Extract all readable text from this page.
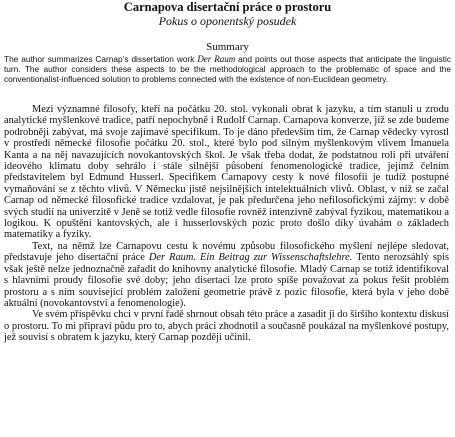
Carnapova disertační práce o prostoru
Pokus o oponentský posudek
Summary

The author summarizes Carnap’s dissertation work Der Raum and points out those aspects that anticipate the linguistic turn. The author considers these aspects to be the methodological approach to the problematic of space and the conventionalist-influenced solution to problems connected with the existence of non-Euclidean geometry.

Mezi významné filosofy, kteří na počátku 20. stol. vykonali obrat k jazyku, a tím stanuli u zrodu analytické myšlenkové tradice, patří nepochybně i Rudolf Carnap. Carnapova konverze, jíž se zde budeme podrobněji zabývat, má svoje zajímavé specifikum. To je dáno především tím, že Carnap vědecky vyrostl v prostředí německé filosofie počátku 20. stol., které bylo pod silným myšlenkovým vlivem Imanuela Kanta a na něj navazujících novokantovských škol. Je však třeba dodat, že podstatnou roli při utváření ideového klimatu doby sehrálo i stále silnější působení fenomenologické tradice, jejímž čelním představitelem byl Edmund Husserl. Specifikem Carnapovy cesty k nové filosofii je tudíž postupné vymaňování se z těchto vlivů. V Německu jistě nejsilnějších intelektuálních vlivů. Oblast, v níž se začal Carnap od německé filosofické tradice vzdalovat, je pak předurčena jeho nefilosofickými zájmy: v době svých studií na univerzitě v Jeně se totiž vedle filosofie rovněž intenzivně zabýval fyzikou, matematikou a logikou. K opuštění kantovských, ale i husserlovských pozic proto došlo díky úvahám o základech matematiky a fyziky.

Text, na němž lze Carnapovu cestu k novému způsobu filosofického myšlení nejlépe sledovat, představuje jeho disertační práce Der Raum. Ein Beitrag zur Wissenschaftslehre. Tento nerozsáhlý spis však ještě nelze jednoznačně zařadit do knihovny analytické filosofie. Mladý Carnap se totiž identifikoval s hlavními proudy filosofie své doby; jeho disertaci lze proto spíše považovat za pokus řešit problém prostoru a s ním související problém založení geometrie právě z pozic filosofie, která byla v jeho době aktuální (novokantovství a fenomenologie).

Ve svém příspěvku chci v první řadě shrnout obsah této práce a zasadit ji do širšího kontextu diskusí o prostoru. To mi připraví půdu pro to, abych práci zhodnotil a současně poukázal na myšlenkové postupy, jež souvisí s obratem k jazyku, který Carnap později učinil.
